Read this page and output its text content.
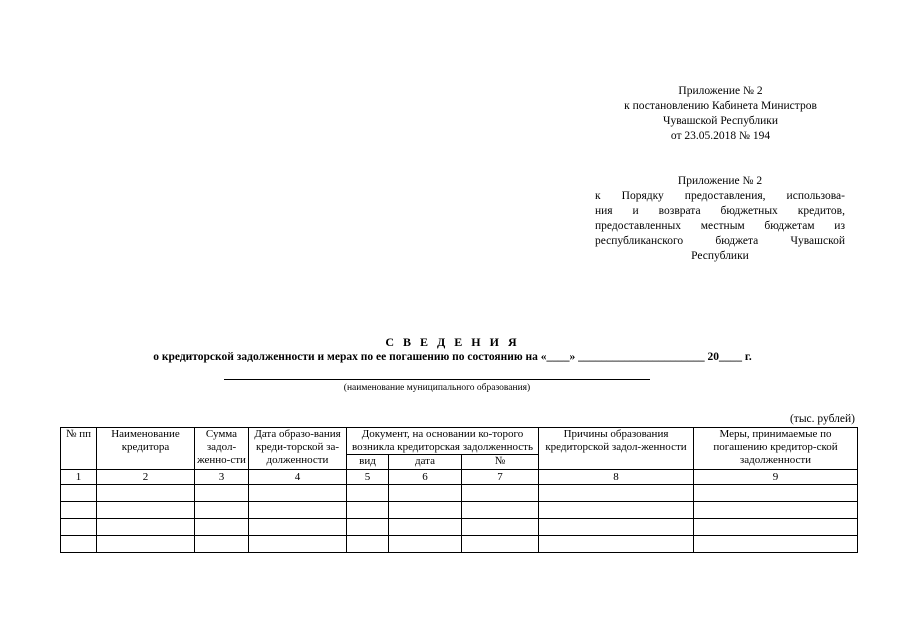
Приложение № 2
к постановлению Кабинета Министров
Чувашской Республики
от 23.05.2018 № 194
Приложение № 2
к Порядку предоставления, использова-
ния и возврата бюджетных кредитов,
предоставленных местным бюджетам из
республиканского бюджета Чувашской
Республики
С В Е Д Е Н И Я
о кредиторской задолженности и мерах по ее погашению по состоянию на «____» ______________________ 20____ г.
(наименование муниципального образования)
(тыс. рублей)
№ пп	Наименование кредитора	Сумма задол-женно-сти	Дата образо-вания креди-торской за-долженности	Документ, на основании ко-торого возникла кредиторская задолженность			Причины образования кредиторской задол-женности	Меры, принимаемые по погашению кредитор-ской задолженности
				вид	дата	№		
1	2	3	4	5	6	7	8	9
